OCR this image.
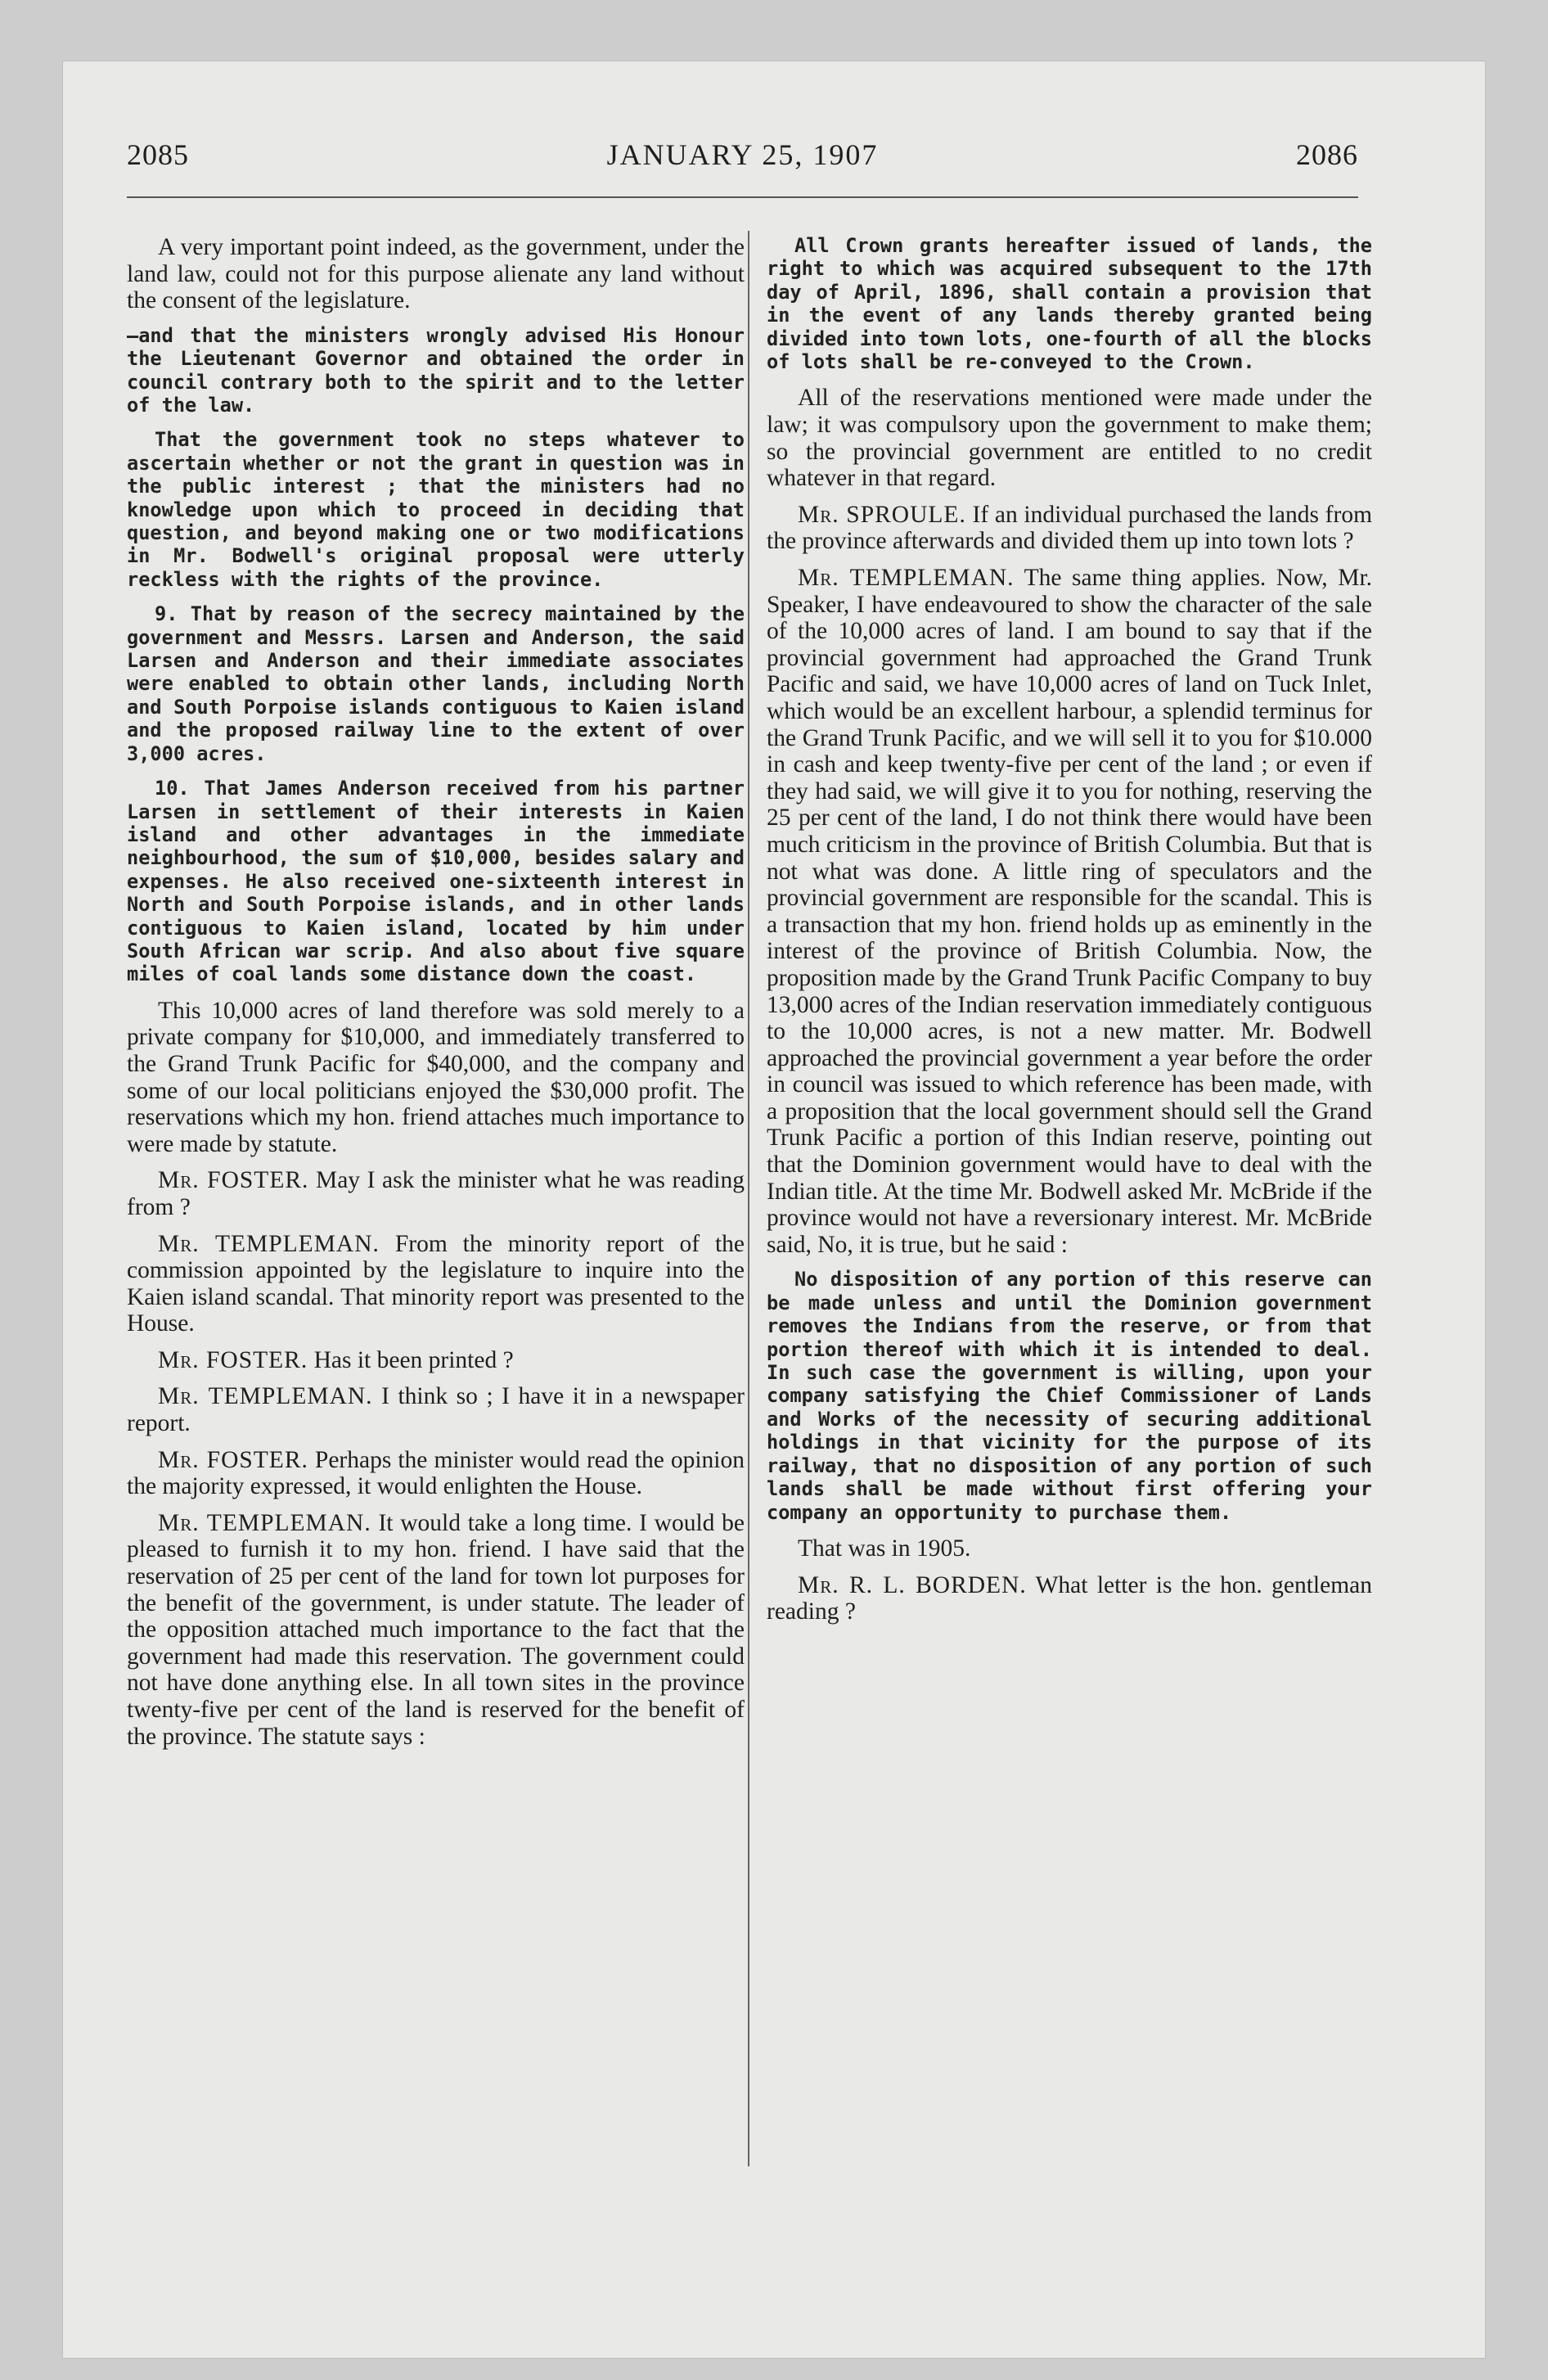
2085	JANUARY 25, 1907	2086

A very important point indeed, as the government, under the land law, could not for this purpose alienate any land without the consent of the legislature.

—and that the ministers wrongly advised His Honour the Lieutenant Governor and obtained the order in council contrary both to the spirit and to the letter of the law.

That the government took no steps whatever to ascertain whether or not the grant in question was in the public interest ; that the ministers had no knowledge upon which to proceed in deciding that question, and beyond making one or two modifications in Mr. Bodwell's original proposal were utterly reckless with the rights of the province.

9. That by reason of the secrecy maintained by the government and Messrs. Larsen and Anderson, the said Larsen and Anderson and their immediate associates were enabled to obtain other lands, including North and South Porpoise islands contiguous to Kaien island and the proposed railway line to the extent of over 3,000 acres.

10. That James Anderson received from his partner Larsen in settlement of their interests in Kaien island and other advantages in the immediate neighbourhood, the sum of $10,000, besides salary and expenses. He also received one-sixteenth interest in North and South Porpoise islands, and in other lands contiguous to Kaien island, located by him under South African war scrip. And also about five square miles of coal lands some distance down the coast.

This 10,000 acres of land therefore was sold merely to a private company for $10,000, and immediately transferred to the Grand Trunk Pacific for $40,000, and the company and some of our local politicians enjoyed the $30,000 profit. The reservations which my hon. friend attaches much importance to were made by statute.

Mr. FOSTER. May I ask the minister what he was reading from ?

Mr. TEMPLEMAN. From the minority report of the commission appointed by the legislature to inquire into the Kaien island scandal. That minority report was presented to the House.

Mr. FOSTER. Has it been printed ?

Mr. TEMPLEMAN. I think so ; I have it in a newspaper report.

Mr. FOSTER. Perhaps the minister would read the opinion the majority expressed, it would enlighten the House.

Mr. TEMPLEMAN. It would take a long time. I would be pleased to furnish it to my hon. friend. I have said that the reservation of 25 per cent of the land for town lot purposes for the benefit of the government, is under statute. The leader of the opposition attached much importance to the fact that the government had made this reservation. The government could not have done anything else. In all town sites in the province twenty-five per cent of the land is reserved for the benefit of the province. The statute says :

All Crown grants hereafter issued of lands, the right to which was acquired subsequent to the 17th day of April, 1896, shall contain a provision that in the event of any lands thereby granted being divided into town lots, one-fourth of all the blocks of lots shall be re-conveyed to the Crown.

All of the reservations mentioned were made under the law; it was compulsory upon the government to make them; so the provincial government are entitled to no credit whatever in that regard.

Mr. SPROULE. If an individual purchased the lands from the province afterwards and divided them up into town lots ?

Mr. TEMPLEMAN. The same thing applies. Now, Mr. Speaker, I have endeavoured to show the character of the sale of the 10,000 acres of land. I am bound to say that if the provincial government had approached the Grand Trunk Pacific and said, we have 10,000 acres of land on Tuck Inlet, which would be an excellent harbour, a splendid terminus for the Grand Trunk Pacific, and we will sell it to you for $10.000 in cash and keep twenty-five per cent of the land ; or even if they had said, we will give it to you for nothing, reserving the 25 per cent of the land, I do not think there would have been much criticism in the province of British Columbia. But that is not what was done. A little ring of speculators and the provincial government are responsible for the scandal. This is a transaction that my hon. friend holds up as eminently in the interest of the province of British Columbia. Now, the proposition made by the Grand Trunk Pacific Company to buy 13,000 acres of the Indian reservation immediately contiguous to the 10,000 acres, is not a new matter. Mr. Bodwell approached the provincial government a year before the order in council was issued to which reference has been made, with a proposition that the local government should sell the Grand Trunk Pacific a portion of this Indian reserve, pointing out that the Dominion government would have to deal with the Indian title. At the time Mr. Bodwell asked Mr. McBride if the province would not have a reversionary interest. Mr. McBride said, No, it is true, but he said :

No disposition of any portion of this reserve can be made unless and until the Dominion government removes the Indians from the reserve, or from that portion thereof with which it is intended to deal. In such case the government is willing, upon your company satisfying the Chief Commissioner of Lands and Works of the necessity of securing additional holdings in that vicinity for the purpose of its railway, that no disposition of any portion of such lands shall be made without first offering your company an opportunity to purchase them.

That was in 1905.

Mr. R. L. BORDEN. What letter is the hon. gentleman reading ?
